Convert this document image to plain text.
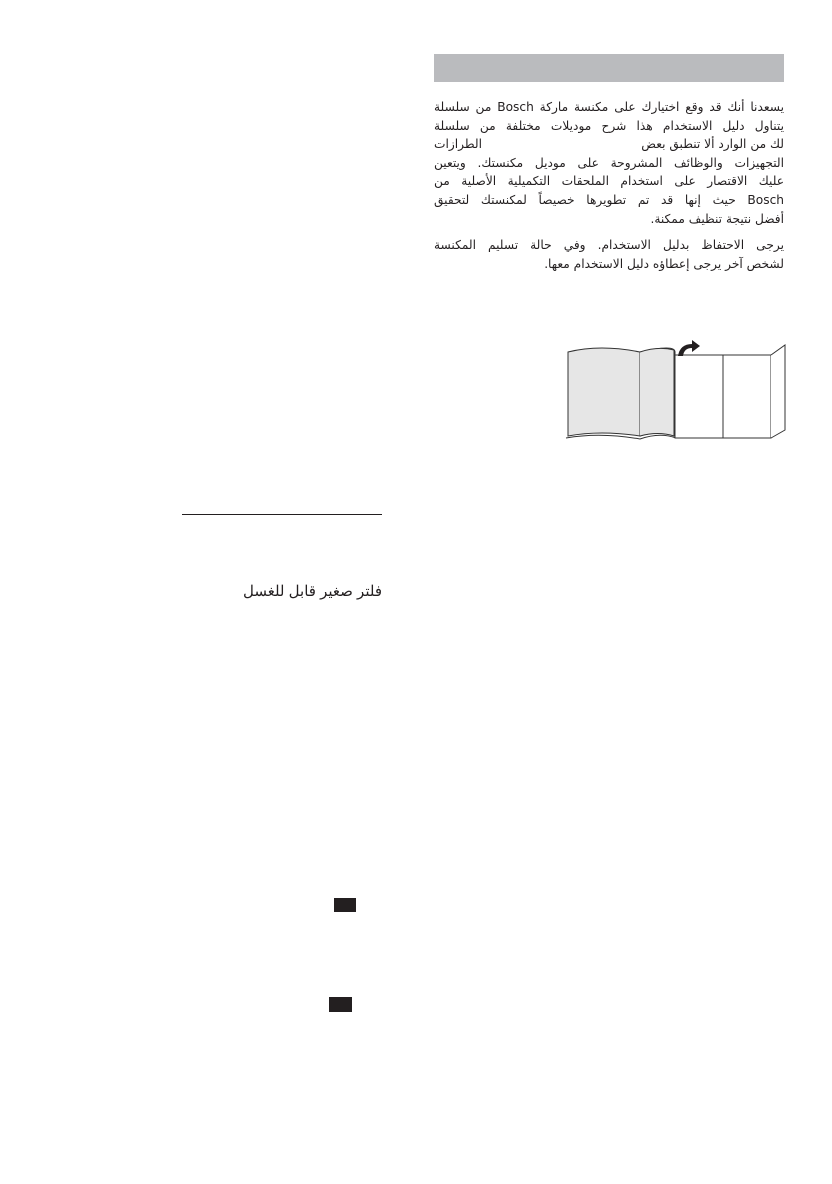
يسعدنا أنك قد وقع اختيارك على مكنسة ماركة Bosch من سلسلة
يتناول دليل الاستخدام هذا شرح موديلات مختلفة من سلسلة
لك من الوارد ألا تنطبق بعض
الطرازات
التجهيزات والوظائف المشروحة على موديل مكنستك. ويتعين
عليك الاقتصار على استخدام الملحقات التكميلية الأصلية من
Bosch حيث إنها قد تم تطويرها خصيصاً لمكنستك لتحقيق
أفضل نتيجة تنظيف ممكنة.
يرجى الاحتفاظ بدليل الاستخدام. وفي حالة تسليم المكنسة
لشخص آخر يرجى إعطاؤه دليل الاستخدام معها.
فلتر صغير قابل للغسل
